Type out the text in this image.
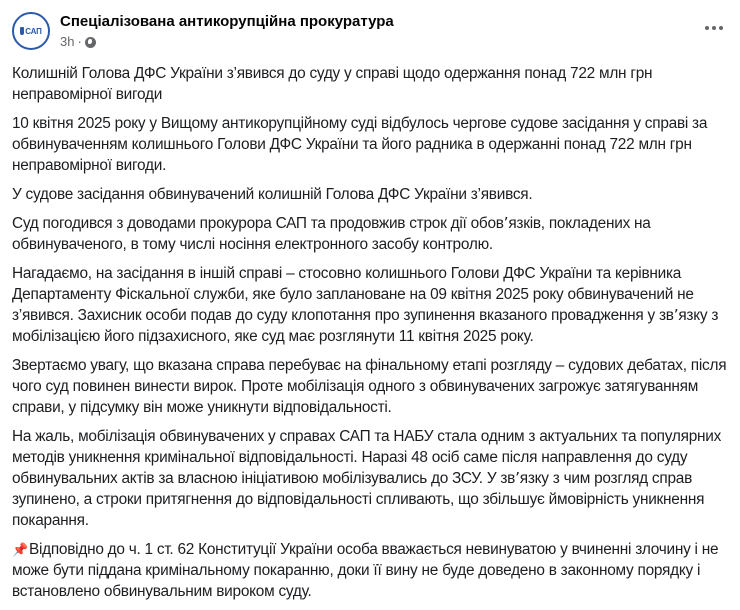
САП
Спеціалізована антикорупційна прокуратура
3h ·

Колишній Голова ДФС України з’явився до суду у справі щодо одержання понад 722 млн грн неправомірної вигоди

10 квітня 2025 року у Вищому антикорупційному суді відбулось чергове судове засідання у справі за обвинуваченням колишнього Голови ДФС України та його радника в одержанні понад 722 млн грн неправомірної вигоди.

У судове засідання обвинувачений колишній Голова ДФС України з’явився.

Суд погодився з доводами прокурора САП та продовжив строк дії обов՚язків, покладених на обвинуваченого, в тому числі носіння електронного засобу контролю.

Нагадаємо, на засідання в іншій справі – стосовно колишнього Голови ДФС України та керівника Департаменту Фіскальної служби, яке було заплановане на 09 квітня 2025 року обвинувачений не з’явився. Захисник особи подав до суду клопотання про зупинення вказаного провадження у зв՚язку з мобілізацією його підзахисного, яке суд має розглянути 11 квітня 2025 року.

Звертаємо увагу, що вказана справа перебуває на фінальному етапі розгляду – судових дебатах, після чого суд повинен винести вирок. Проте мобілізація одного з обвинувачених загрожує затягуванням справи, у підсумку він може уникнути відповідальності.

На жаль, мобілізація обвинувачених у справах САП та НАБУ стала одним з актуальних та популярних методів уникнення кримінальної відповідальності. Наразі 48 осіб саме після направлення до суду обвинувальних актів за власною ініціативою мобілізувались до ЗСУ. У зв՚язку з чим розгляд справ зупинено, а строки притягнення до відповідальності спливають, що збільшує ймовірність уникнення покарання.

📌Відповідно до ч. 1 ст. 62 Конституції України особа вважається невинуватою у вчиненні злочину і не може бути піддана кримінальному покаранню, доки її вину не буде доведено в законному порядку і встановлено обвинувальним вироком суду.
